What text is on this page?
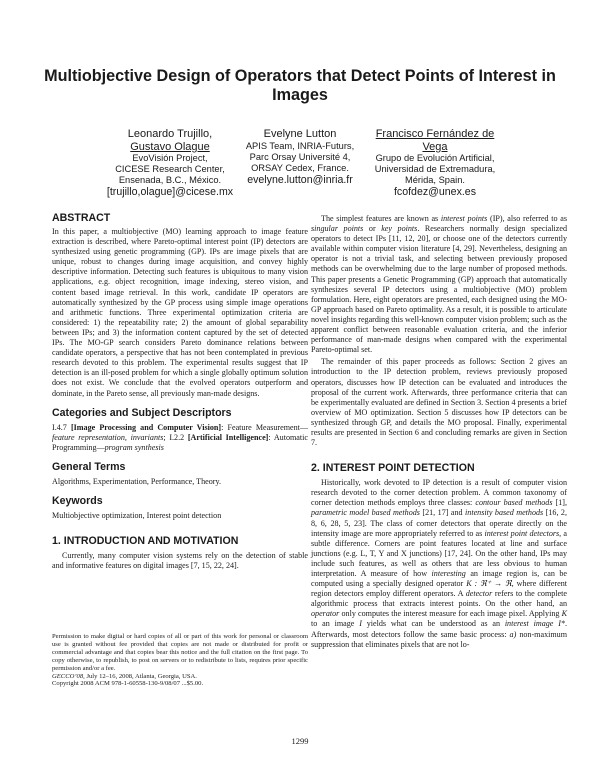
Multiobjective Design of Operators that Detect Points of Interest in Images
Leonardo Trujillo,
Gustavo Olague
EvoVisión Project,
CICESE Research Center,
Ensenada, B.C., México.
[trujillo,olague]@cicese.mx
Evelyne Lutton
APIS Team, INRIA-Futurs,
Parc Orsay Université 4,
ORSAY Cedex, France.
evelyne.lutton@inria.fr
Francisco Fernández de
Vega
Grupo de Evolución Artificial,
Universidad de Extremadura,
Mérida, Spain.
fcofdez@unex.es
ABSTRACT

In this paper, a multiobjective (MO) learning approach to image feature extraction is described, where Pareto-optimal interest point (IP) detectors are synthesized using genetic programming (GP). IPs are image pixels that are unique, robust to changes during image acquisition, and convey highly descriptive information. Detecting such features is ubiquitous to many vision applications, e.g. object recognition, image indexing, stereo vision, and content based image retrieval. In this work, candidate IP operators are automatically synthesized by the GP process using simple image operations and arithmetic functions. Three experimental optimization criteria are considered: 1) the repeatability rate; 2) the amount of global separability between IPs; and 3) the information content captured by the set of detected IPs. The MO-GP search considers Pareto dominance relations between candidate operators, a perspective that has not been contemplated in previous research devoted to this problem. The experimental results suggest that IP detection is an ill-posed problem for which a single globally optimum solution does not exist. We conclude that the evolved operators outperform and dominate, in the Pareto sense, all previously man-made designs.

Categories and Subject Descriptors

I.4.7 [Image Processing and Computer Vision]: Feature Measurement—feature representation, invariants; I.2.2 [Artificial Intelligence]: Automatic Programming—program synthesis

General Terms

Algorithms, Experimentation, Performance, Theory.

Keywords

Multiobjective optimization, Interest point detection

1. INTRODUCTION AND MOTIVATION

Currently, many computer vision systems rely on the detection of stable and informative features on digital images [7, 15, 22, 24].

Permission to make digital or hard copies of all or part of this work for personal or classroom use is granted without fee provided that copies are not made or distributed for profit or commercial advantage and that copies bear this notice and the full citation on the first page. To copy otherwise, to republish, to post on servers or to redistribute to lists, requires prior specific permission and/or a fee.

GECCO’08, July 12–16, 2008, Atlanta, Georgia, USA.

Copyright 2008 ACM 978-1-60558-130-9/08/07 ...$5.00.

The simplest features are known as interest points (IP), also referred to as singular points or key points. Researchers normally design specialized operators to detect IPs [11, 12, 20], or choose one of the detectors currently available within computer vision literature [4, 29]. Nevertheless, designing an operator is not a trivial task, and selecting between previously proposed methods can be overwhelming due to the large number of proposed methods. This paper presents a Genetic Programming (GP) approach that automatically synthesizes several IP detectors using a multiobjective (MO) problem formulation. Here, eight operators are presented, each designed using the MO-GP approach based on Pareto optimality. As a result, it is possible to articulate novel insights regarding this well-known computer vision problem; such as the apparent conflict between reasonable evaluation criteria, and the inferior performance of man-made designs when compared with the experimental Pareto-optimal set.

The remainder of this paper proceeds as follows: Section 2 gives an introduction to the IP detection problem, reviews previously proposed operators, discusses how IP detection can be evaluated and introduces the proposal of the current work. Afterwards, three performance criteria that can be experimentally evaluated are defined in Section 3. Section 4 presents a brief overview of MO optimization. Section 5 discusses how IP detectors can be synthesized through GP, and details the MO proposal. Finally, experimental results are presented in Section 6 and concluding remarks are given in Section 7.

2. INTEREST POINT DETECTION

Historically, work devoted to IP detection is a result of computer vision research devoted to the corner detection problem. A common taxonomy of corner detection methods employs three classes: contour based methods [1], parametric model based methods [21, 17] and intensity based methods [16, 2, 8, 6, 28, 5, 23]. The class of corner detectors that operate directly on the intensity image are more appropriately referred to as interest point detectors, a subtle difference. Corners are point features located at line and surface junctions (e.g. L, T, Y and X junctions) [17, 24]. On the other hand, IPs may include such features, as well as others that are less obvious to human interpretation. A measure of how interesting an image region is, can be computed using a specially designed operator K : ℜ⁺ → ℜ, where different region detectors employ different operators. A detector refers to the complete algorithmic process that extracts interest points. On the other hand, an operator only computes the interest measure for each image pixel. Applying K to an image I yields what can be understood as an interest image I*. Afterwards, most detectors follow the same basic process: a) non-maximum suppression that eliminates pixels that are not lo-

1299
